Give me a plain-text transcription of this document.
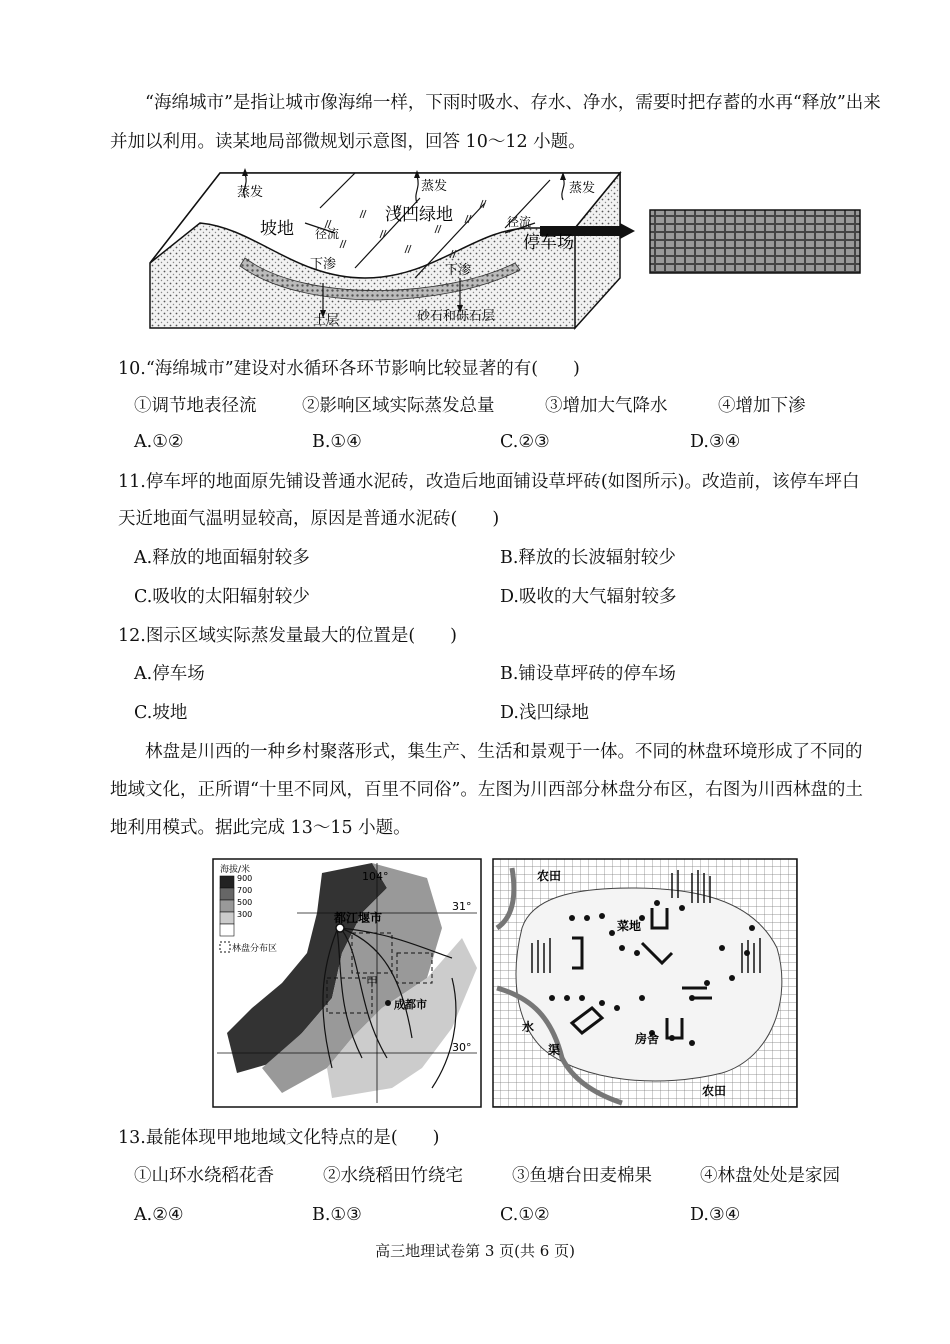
“海绵城市”是指让城市像海绵一样，下雨时吸水、存水、净水，需要时把存蓄的水再“释放”出来
并加以利用。读某地局部微规划示意图，回答 10～12 小题。
蒸发	蒸发	蒸发
坡地
浅凹绿地
停车场
径流
径流
下渗	下渗
土层	砂石和砾石层
10.“海绵城市”建设对水循环各环节影响比较显著的有(　　)
①调节地表径流	②影响区域实际蒸发总量	③增加大气降水	④增加下渗
A.①②	B.①④	C.②③	D.③④
11.停车坪的地面原先铺设普通水泥砖，改造后地面铺设草坪砖(如图所示)。改造前，该停车坪白
天近地面气温明显较高，原因是普通水泥砖(　　)
A.释放的地面辐射较多	B.释放的长波辐射较少
C.吸收的太阳辐射较少	D.吸收的大气辐射较多
12.图示区域实际蒸发量最大的位置是(　　)
A.停车场	B.铺设草坪砖的停车场
C.坡地	D.浅凹绿地
林盘是川西的一种乡村聚落形式，集生产、生活和景观于一体。不同的林盘环境形成了不同的
地域文化，正所谓“十里不同风，百里不同俗”。左图为川西部分林盘分布区，右图为川西林盘的土
地利用模式。据此完成 13～15 小题。
海拔/米
900
700
500
300
林盘分布区
104°
31°
30°
都江堰市
成都市
甲
农田
农田
菜地
水
渠
房舍
13.最能体现甲地地域文化特点的是(　　)
①山环水绕稻花香	②水绕稻田竹绕宅	③鱼塘台田麦棉果	④林盘处处是家园
A.②④	B.①③	C.①②	D.③④
高三地理试卷第 3 页(共 6 页)
